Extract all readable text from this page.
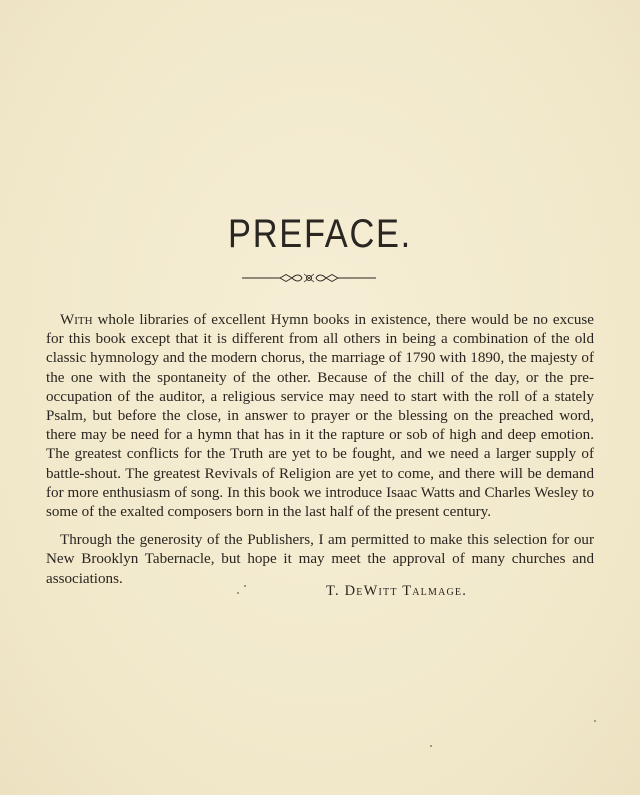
PREFACE.

With whole libraries of excellent Hymn books in existence, there would be no excuse for this book except that it is different from all others in being a combination of the old classic hymnology and the modern chorus, the marriage of 1790 with 1890, the majesty of the one with the spontaneity of the other. Because of the chill of the day, or the pre-occupation of the auditor, a religious service may need to start with the roll of a stately Psalm, but before the close, in answer to prayer or the blessing on the preached word, there may be need for a hymn that has in it the rapture or sob of high and deep emotion. The greatest conflicts for the Truth are yet to be fought, and we need a larger supply of battle-shout. The greatest Revivals of Religion are yet to come, and there will be demand for more enthusiasm of song. In this book we introduce Isaac Watts and Charles Wesley to some of the exalted composers born in the last half of the present century.

Through the generosity of the Publishers, I am permitted to make this selection for our New Brooklyn Tabernacle, but hope it may meet the approval of many churches and associations.

T. DeWitt Talmage.
